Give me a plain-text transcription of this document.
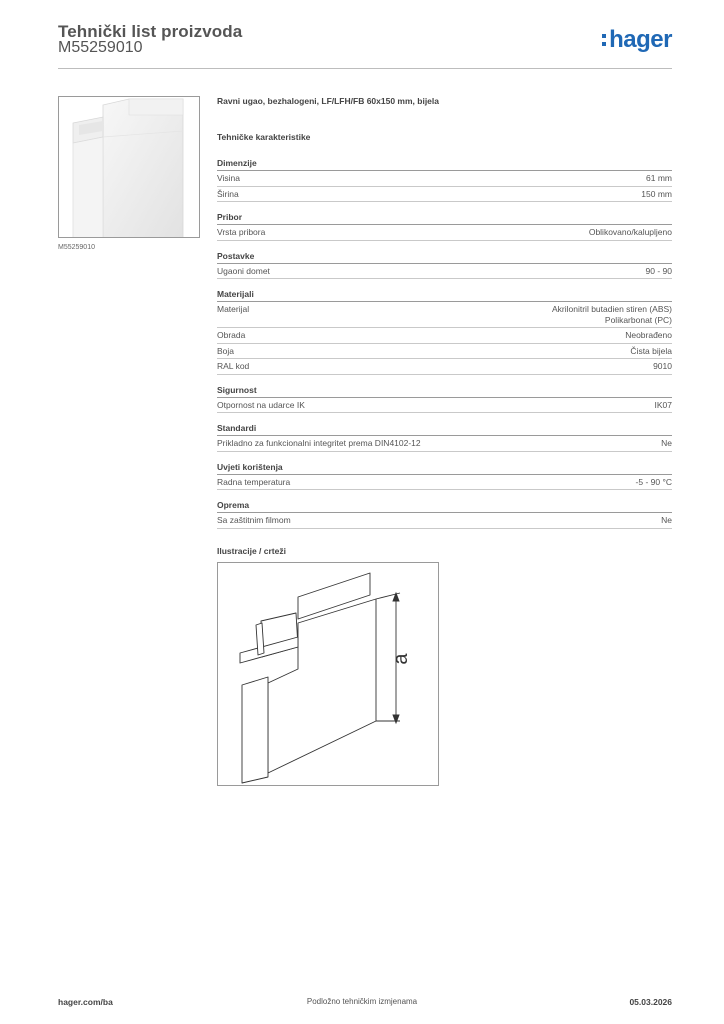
Tehnički list proizvoda
M55259010	hager
M55259010
Ravni ugao, bezhalogeni, LF/LFH/FB 60x150 mm, bijela
Tehničke karakteristike
Dimenzije
Visina	61 mm
Širina	150 mm
Pribor
Vrsta pribora	Oblikovano/kalupljeno
Postavke
Ugaoni domet	90 - 90
Materijali
Materijal	Akrilonitril butadien stiren (ABS)
Polikarbonat (PC)
Obrada	Neobrađeno
Boja	Čista bijela
RAL kod	9010
Sigurnost
Otpornost na udarce IK	IK07
Standardi
Prikladno za funkcionalni integritet prema DIN4102-12	Ne
Uvjeti korištenja
Radna temperatura	-5 - 90 °C
Oprema
Sa zaštitnim filmom	Ne
Ilustracije / crteži
a
hager.com/ba	Podložno tehničkim izmjenama	05.03.2026
